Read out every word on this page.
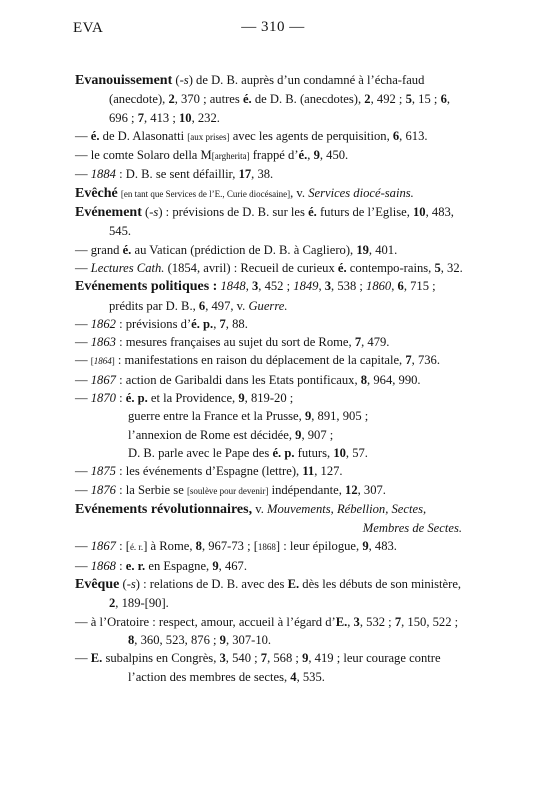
EVA	— 310 —

Evanouissement (-s) de D. B. auprès d’un condamné à l’écha-faud (anecdote), 2, 370 ; autres é. de D. B. (anecdotes), 2, 492 ; 5, 15 ; 6, 696 ; 7, 413 ; 10, 232.

— é. de D. Alasonatti [aux prises] avec les agents de perquisition, 6, 613.

— le comte Solaro della M[argherita] frappé d’é., 9, 450.

— 1884 : D. B. se sent défaillir, 17, 38.

Evêché [en tant que Services de l’E., Curie diocésaine], v. Services diocé-sains.

Evénement (-s) : prévisions de D. B. sur les é. futurs de l’Eglise, 10, 483, 545.

— grand é. au Vatican (prédiction de D. B. à Cagliero), 19, 401.

— Lectures Cath. (1854, avril) : Recueil de curieux é. contempo-rains, 5, 32.

Evénements politiques : 1848, 3, 452 ; 1849, 3, 538 ; 1860, 6, 715 ; prédits par D. B., 6, 497, v. Guerre.

— 1862 : prévisions d’é. p., 7, 88.

— 1863 : mesures françaises au sujet du sort de Rome, 7, 479.

— [1864] : manifestations en raison du déplacement de la capitale, 7, 736.

— 1867 : action de Garibaldi dans les Etats pontificaux, 8, 964, 990.

— 1870 : é. p. et la Providence, 9, 819-20 ;

guerre entre la France et la Prusse, 9, 891, 905 ;

l’annexion de Rome est décidée, 9, 907 ;

D. B. parle avec le Pape des é. p. futurs, 10, 57.

— 1875 : les événements d’Espagne (lettre), 11, 127.

— 1876 : la Serbie se [soulève pour devenir] indépendante, 12, 307.

Evénements révolutionnaires, v. Mouvements, Rébellion, Sectes,

Membres de Sectes.

— 1867 : [é. r.] à Rome, 8, 967-73 ; [1868] : leur épilogue, 9, 483.

— 1868 : e. r. en Espagne, 9, 467.

Evêque (-s) : relations de D. B. avec des E. dès les débuts de son ministère, 2, 189-[90].

— à l’Oratoire : respect, amour, accueil à l’égard d’E., 3, 532 ; 7, 150, 522 ; 8, 360, 523, 876 ; 9, 307-10.

— E. subalpins en Congrès, 3, 540 ; 7, 568 ; 9, 419 ; leur courage contre l’action des membres de sectes, 4, 535.
